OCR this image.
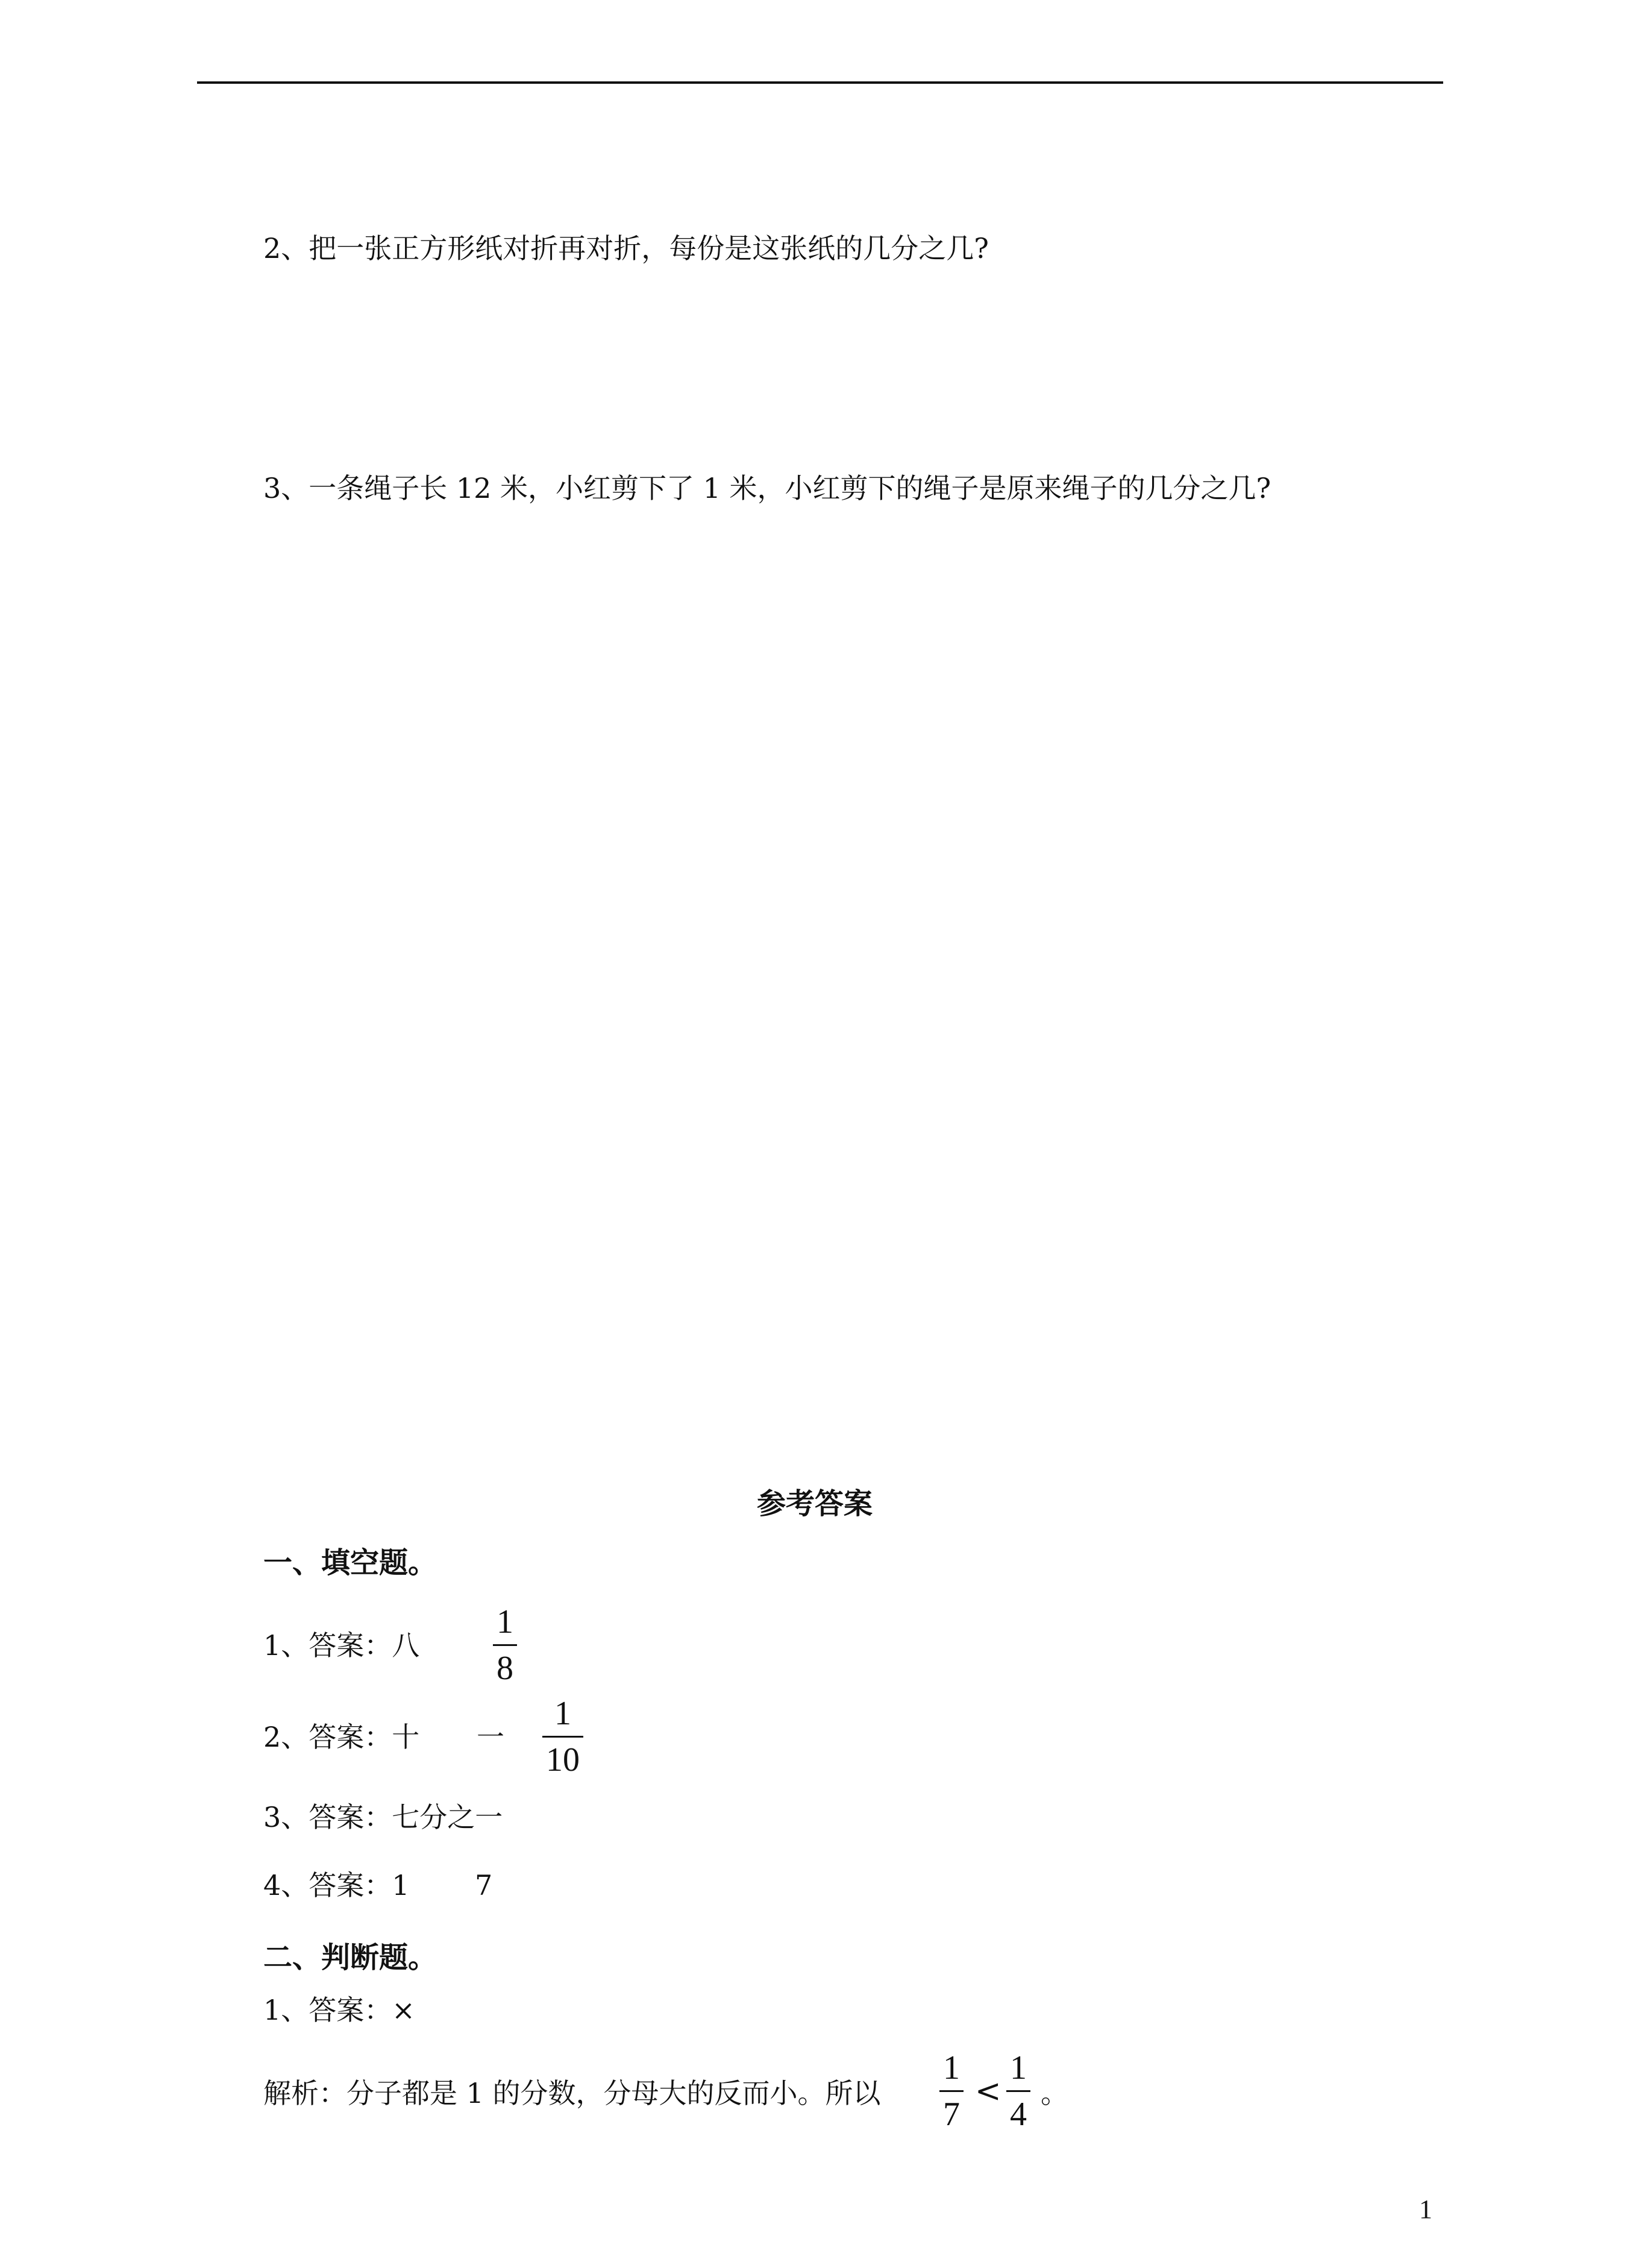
2、把一张正方形纸对折再对折，每份是这张纸的几分之几?
3、一条绳子长 12 米，小红剪下了 1 米，小红剪下的绳子是原来绳子的几分之几?
参考答案
一、填空题。
1、答案：八
1
8
2、答案：十 一
1
10
3、答案：七分之一
4、答案：1 7
二、判断题。
1、答案：×
解析：分子都是 1 的分数，分母大的反而小。所以
1
7
<
1
4
。
1
